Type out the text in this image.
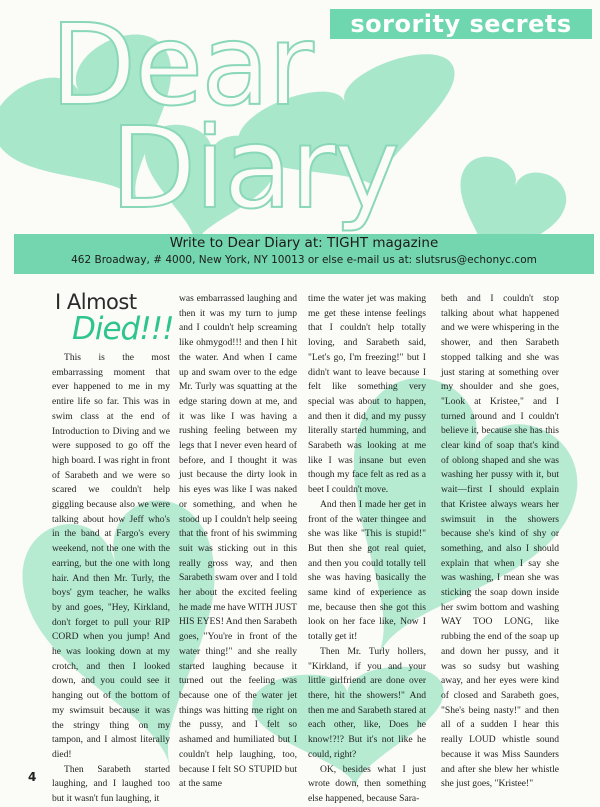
sorority secrets
Dear
Diary
Write to Dear Diary at: TIGHT magazine
462 Broadway, # 4000, New York, NY 10013 or else e-mail us at: slutsrus@echonyc.com
I Almost
Died!!!

This is the most embarrassing moment that ever happened to me in my entire life so far. This was in swim class at the end of Introduction to Diving and we were supposed to go off the high board. I was right in front of Sarabeth and we were so scared we couldn't help giggling because also we were talking about how Jeff who's in the band at Fargo's every weekend, not the one with the earring, but the one with long hair. And then Mr. Turly, the boys' gym teacher, he walks by and goes, "Hey, Kirkland, don't forget to pull your RIP CORD when you jump! And he was looking down at my crotch, and then I looked down, and you could see it hanging out of the bottom of my swimsuit because it was the stringy thing on my tampon, and I almost literally died!

Then Sarabeth started laughing, and I laughed too but it wasn't fun laughing, it

was embarrassed laughing and then it was my turn to jump and I couldn't help screaming like ohmygod!!! and then I hit the water. And when I came up and swam over to the edge Mr. Turly was squatting at the edge staring down at me, and it was like I was having a rushing feeling between my legs that I never even heard of before, and I thought it was just because the dirty look in his eyes was like I was naked or something, and when he stood up I couldn't help seeing that the front of his swimming suit was sticking out in this really gross way, and then Sarabeth swam over and I told her about the excited feeling he made me have WITH JUST HIS EYES! And then Sarabeth goes, "You're in front of the water thing!" and she really started laughing because it turned out the feeling was because one of the water jet things was hitting me right on the pussy, and I felt so ashamed and humiliated but I couldn't help laughing, too, because I felt SO STUPID but at the same

time the water jet was making me get these intense feelings that I couldn't help totally loving, and Sarabeth said, "Let's go, I'm freezing!" but I didn't want to leave because I felt like something very special was about to happen, and then it did, and my pussy literally started humming, and Sarabeth was looking at me like I was insane but even though my face felt as red as a beet I couldn't move.

And then I made her get in front of the water thingee and she was like "This is stupid!" But then she got real quiet, and then you could totally tell she was having basically the same kind of experience as me, because then she got this look on her face like, Now I totally get it!

Then Mr. Turly hollers, "Kirkland, if you and your little girlfriend are done over there, hit the showers!" And then me and Sarabeth stared at each other, like, Does he know!?!? But it's not like he could, right?

OK, besides what I just wrote down, then something else happened, because Sara-

beth and I couldn't stop talking about what happened and we were whispering in the shower, and then Sarabeth stopped talking and she was just staring at something over my shoulder and she goes, "Look at Kristee," and I turned around and I couldn't believe it, because she has this clear kind of soap that's kind of oblong shaped and she was washing her pussy with it, but wait—first I should explain that Kristee always wears her swimsuit in the showers because she's kind of shy or something, and also I should explain that when I say she was washing, I mean she was sticking the soap down inside her swim bottom and washing WAY TOO LONG, like rubbing the end of the soap up and down her pussy, and it was so sudsy but washing away, and her eyes were kind of closed and Sarabeth goes, "She's being nasty!" and then all of a sudden I hear this really LOUD whistle sound because it was Miss Saunders and after she blew her whistle she just goes, "Kristee!"

4
